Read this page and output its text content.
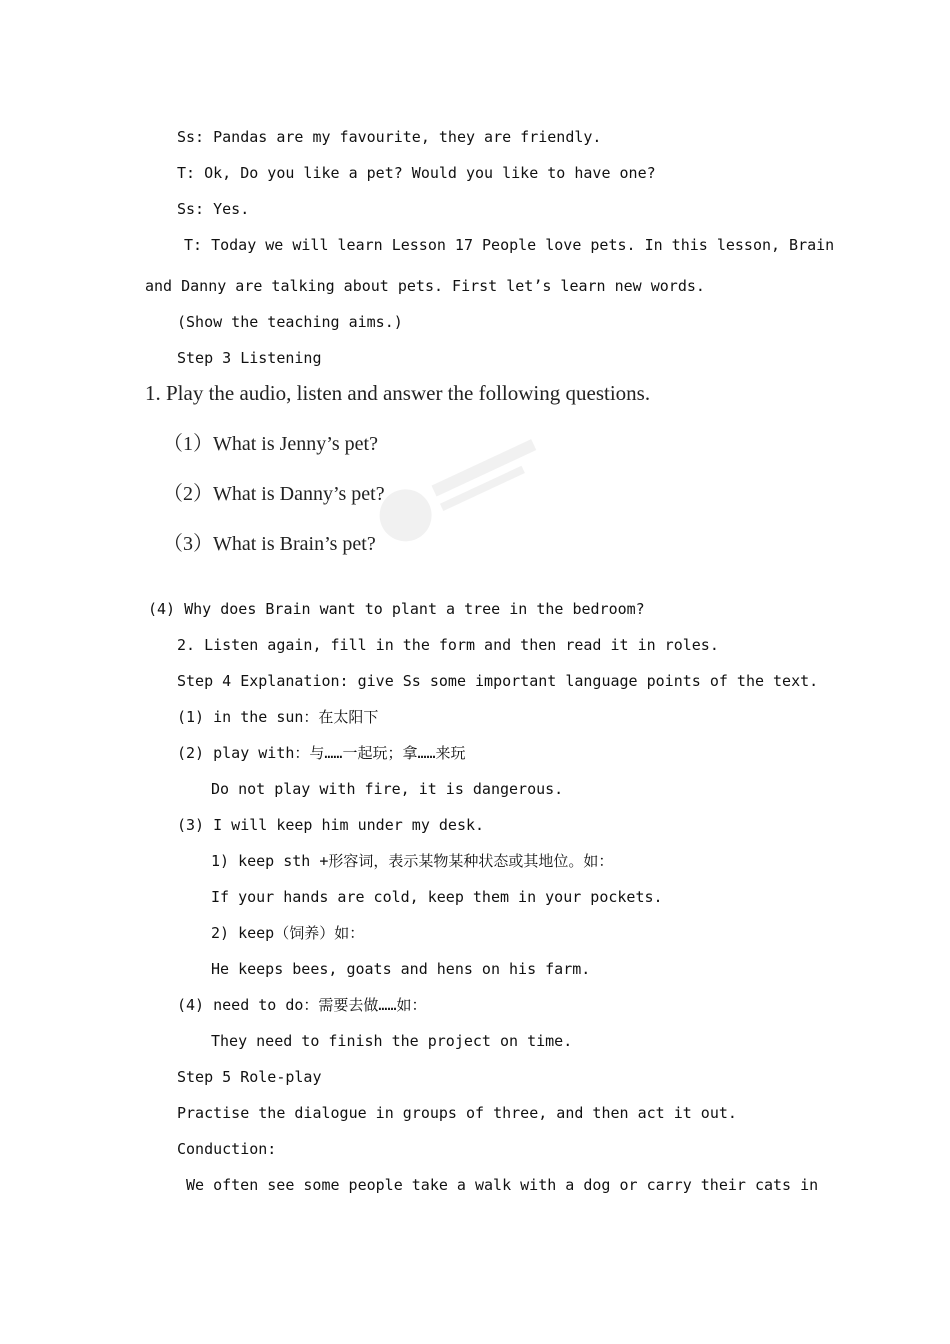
Ss: Pandas are my favourite, they are friendly.
T: Ok, Do you like a pet? Would you like to have one?
Ss: Yes.
T: Today we will learn Lesson 17 People love pets. In this lesson, Brain
and Danny are talking about pets. First let’s learn new words.
(Show the teaching aims.)
Step 3 Listening
1. Play the audio, listen and answer the following questions.
（1）What is Jenny’s pet?
（2）What is Danny’s pet?
（3）What is Brain’s pet?
(4) Why does Brain want to plant a tree in the bedroom?
2. Listen again, fill in the form and then read it in roles.
Step 4 Explanation: give Ss some important language points of the text.
(1) in the sun：在太阳下
(2) play with：与……一起玩；拿……来玩
Do not play with fire, it is dangerous.
(3) I will keep him under my desk.
1) keep sth +形容词，表示某物某种状态或其地位。如：
If your hands are cold, keep them in your pockets.
2) keep（饲养）如：
He keeps bees, goats and hens on his farm.
(4) need to do：需要去做……如：
They need to finish the project on time.
Step 5 Role-play
Practise the dialogue in groups of three, and then act it out.
Conduction:
We often see some people take a walk with a dog or carry their cats in
